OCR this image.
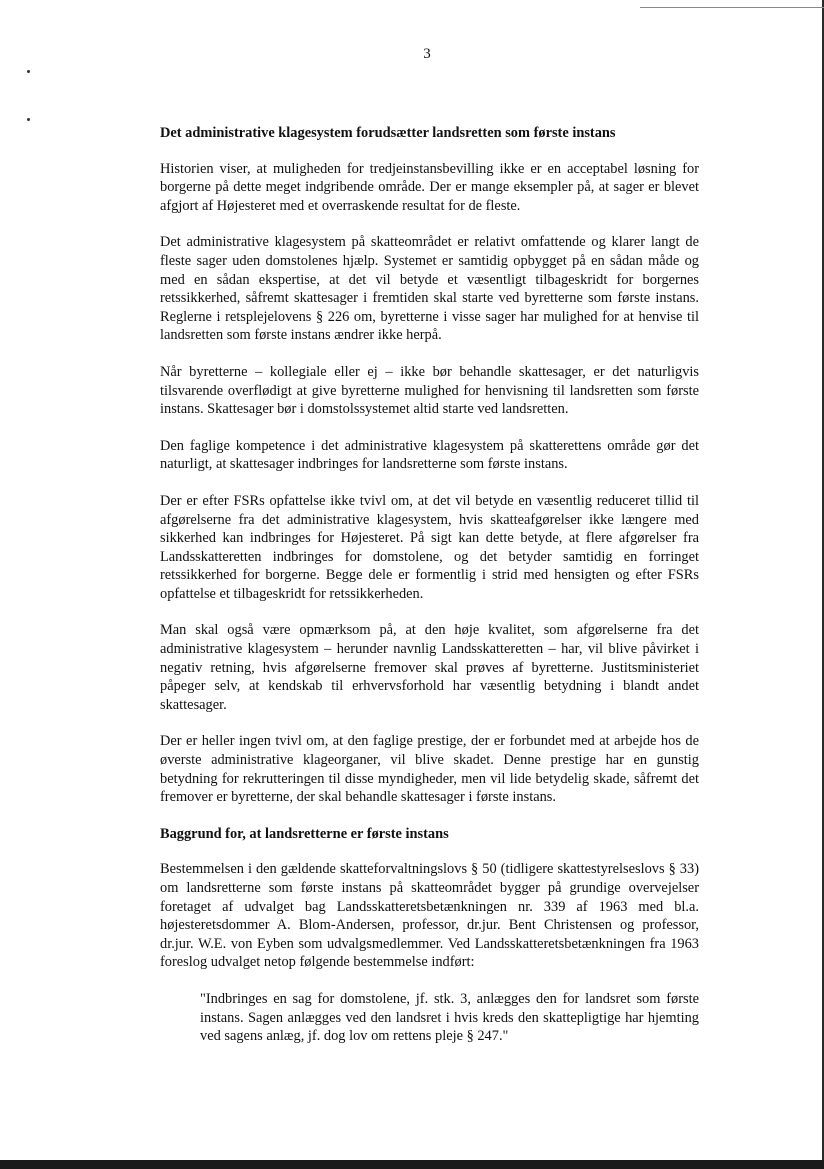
3
Det administrative klagesystem forudsætter landsretten som første instans

Historien viser, at muligheden for tredjeinstansbevilling ikke er en acceptabel løsning for borgerne på dette meget indgribende område. Der er mange eksempler på, at sager er blevet afgjort af Højesteret med et overraskende resultat for de fleste.

Det administrative klagesystem på skatteområdet er relativt omfattende og klarer langt de fleste sager uden domstolenes hjælp. Systemet er samtidig opbygget på en sådan måde og med en sådan ekspertise, at det vil betyde et væsentligt tilbageskridt for borgernes retssikkerhed, såfremt skattesager i fremtiden skal starte ved byretterne som første instans. Reglerne i retsplejelovens § 226 om, byretterne i visse sager har mulighed for at henvise til landsretten som første instans ændrer ikke herpå.

Når byretterne – kollegiale eller ej – ikke bør behandle skattesager, er det naturligvis tilsvarende overflødigt at give byretterne mulighed for henvisning til landsretten som første instans. Skattesager bør i domstolssystemet altid starte ved landsretten.

Den faglige kompetence i det administrative klagesystem på skatterettens område gør det naturligt, at skattesager indbringes for landsretterne som første instans.

Der er efter FSRs opfattelse ikke tvivl om, at det vil betyde en væsentlig reduceret tillid til afgørelserne fra det administrative klagesystem, hvis skatteafgørelser ikke længere med sikkerhed kan indbringes for Højesteret. På sigt kan dette betyde, at flere afgørelser fra Landsskatteretten indbringes for domstolene, og det betyder samtidig en forringet retssikkerhed for borgerne. Begge dele er formentlig i strid med hensigten og efter FSRs opfattelse et tilbageskridt for retssikkerheden.

Man skal også være opmærksom på, at den høje kvalitet, som afgørelserne fra det administrative klagesystem – herunder navnlig Landsskatteretten – har, vil blive påvirket i negativ retning, hvis afgørelserne fremover skal prøves af byretterne. Justitsministeriet påpeger selv, at kendskab til erhvervsforhold har væsentlig betydning i blandt andet skattesager.

Der er heller ingen tvivl om, at den faglige prestige, der er forbundet med at arbejde hos de øverste administrative klageorganer, vil blive skadet. Denne prestige har en gunstig betydning for rekrutteringen til disse myndigheder, men vil lide betydelig skade, såfremt det fremover er byretterne, der skal behandle skattesager i første instans.

Baggrund for, at landsretterne er første instans

Bestemmelsen i den gældende skatteforvaltningslovs § 50 (tidligere skattestyrelseslovs § 33) om landsretterne som første instans på skatteområdet bygger på grundige overvejelser foretaget af udvalget bag Landsskatteretsbetænkningen nr. 339 af 1963 med bl.a. højesteretsdommer A. Blom-Andersen, professor, dr.jur. Bent Christensen og professor, dr.jur. W.E. von Eyben som udvalgsmedlemmer. Ved Landsskatteretsbetænkningen fra 1963 foreslog udvalget netop følgende bestemmelse indført:

"Indbringes en sag for domstolene, jf. stk. 3, anlægges den for landsret som første instans. Sagen anlægges ved den landsret i hvis kreds den skattepligtige har hjemting ved sagens anlæg, jf. dog lov om rettens pleje § 247."
